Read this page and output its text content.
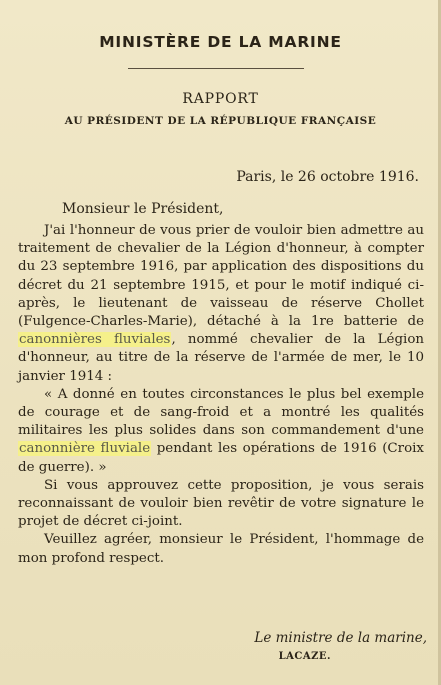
MINISTÈRE DE LA MARINE
RAPPORT
AU PRÉSIDENT DE LA RÉPUBLIQUE FRANÇAISE
Paris, le 26 octobre 1916.
Monsieur le Président,

J'ai l'honneur de vous prier de vouloir bien admettre au traitement de chevalier de la Légion d'honneur, à compter du 23 septembre 1916, par application des dispositions du décret du 21 septembre 1915, et pour le motif indiqué ci-après, le lieutenant de vaisseau de réserve Chollet (Fulgence-Charles-Marie), détaché à la 1re batterie de canonnières fluviales, nommé chevalier de la Légion d'honneur, au titre de la réserve de l'armée de mer, le 10 janvier 1914 :

« A donné en toutes circonstances le plus bel exemple de courage et de sang-froid et a montré les qualités militaires les plus solides dans son commandement d'une canonnière fluviale pendant les opérations de 1916 (Croix de guerre). »

Si vous approuvez cette proposition, je vous serais reconnaissant de vouloir bien revêtir de votre signature le projet de décret ci-joint.

Veuillez agréer, monsieur le Président, l'hommage de mon profond respect.

Le ministre de la marine,
LACAZE.
